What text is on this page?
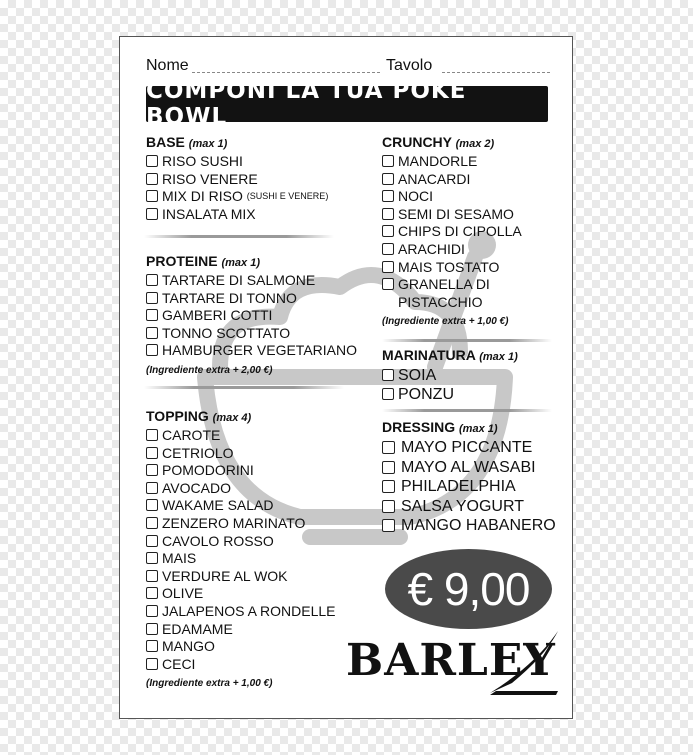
Nome	Tavolo
COMPONI LA TUA POKE BOWL
BASE (max 1)
RISO SUSHI
RISO VENERE
MIX DI RISO
(SUSHI E VENERE)
INSALATA MIX
PROTEINE (max 1)
TARTARE DI SALMONE
TARTARE DI TONNO
GAMBERI COTTI
TONNO SCOTTATO
HAMBURGER VEGETARIANO
(Ingrediente extra + 2,00 €)
TOPPING (max 4)
CAROTE
CETRIOLO
POMODORINI
AVOCADO
WAKAME SALAD
ZENZERO MARINATO
CAVOLO ROSSO
MAIS
VERDURE AL WOK
OLIVE
JALAPENOS A RONDELLE
EDAMAME
MANGO
CECI
(Ingrediente extra + 1,00 €)
CRUNCHY (max 2)
MANDORLE
ANACARDI
NOCI
SEMI DI SESAMO
CHIPS DI CIPOLLA
ARACHIDI
MAIS TOSTATO
GRANELLA DI
PISTACCHIO
(Ingrediente extra + 1,00 €)
MARINATURA (max 1)
SOIA
PONZU
DRESSING (max 1)
MAYO PICCANTE
MAYO AL WASABI
PHILADELPHIA
SALSA YOGURT
MANGO HABANERO
€ 9,00
BARLEY
